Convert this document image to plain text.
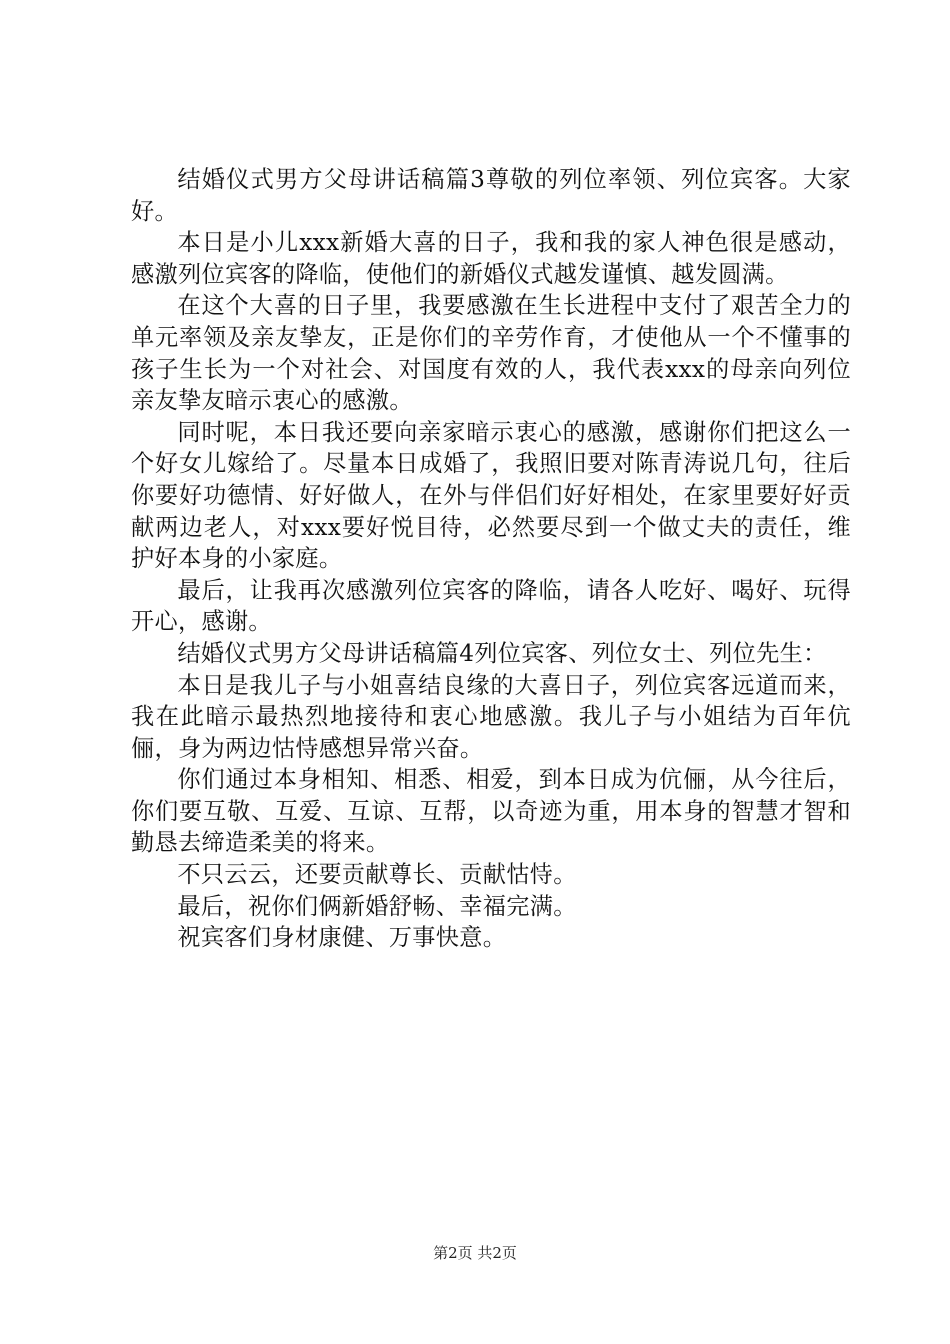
结婚仪式男方父母讲话稿篇3尊敬的列位率领、列位宾客。大家好。

本日是小儿xxx新婚大喜的日子，我和我的家人神色很是感动，感激列位宾客的降临，使他们的新婚仪式越发谨慎、越发圆满。

在这个大喜的日子里，我要感激在生长进程中支付了艰苦全力的单元率领及亲友挚友，正是你们的辛劳作育，才使他从一个不懂事的孩子生长为一个对社会、对国度有效的人，我代表xxx的母亲向列位亲友挚友暗示衷心的感激。

同时呢，本日我还要向亲家暗示衷心的感激，感谢你们把这么一个好女儿嫁给了。尽量本日成婚了，我照旧要对陈青涛说几句，往后你要好功德情、好好做人，在外与伴侣们好好相处，在家里要好好贡献两边老人，对xxx要好悦目待，必然要尽到一个做丈夫的责任，维护好本身的小家庭。

最后，让我再次感激列位宾客的降临，请各人吃好、喝好、玩得开心，感谢。

结婚仪式男方父母讲话稿篇4列位宾客、列位女士、列位先生：

本日是我儿子与小姐喜结良缘的大喜日子，列位宾客远道而来，我在此暗示最热烈地接待和衷心地感激。我儿子与小姐结为百年伉俪，身为两边怙恃感想异常兴奋。

你们通过本身相知、相悉、相爱，到本日成为伉俪，从今往后，你们要互敬、互爱、互谅、互帮，以奇迹为重，用本身的智慧才智和勤恳去缔造柔美的将来。

不只云云，还要贡献尊长、贡献怙恃。

最后，祝你们俩新婚舒畅、幸福完满。

祝宾客们身材康健、万事快意。

第2页 共2页
